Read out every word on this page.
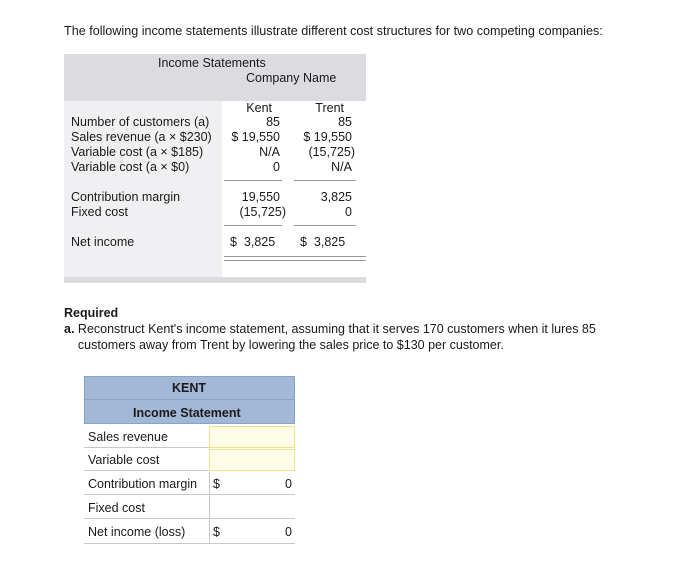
The following income statements illustrate different cost structures for two competing companies:
Income Statements
Company Name
Kent	Trent
Number of customers (a)	85	85
Sales revenue (a × $230)	$ 19,550	$ 19,550
Variable cost (a × $185)	N/A	(15,725)
Variable cost (a × $0)	0	N/A
Contribution margin	19,550	3,825
Fixed cost	(15,725)	0
Net income	$  3,825	$  3,825
Required
a. Reconstruct Kent's income statement, assuming that it serves 170 customers when it lures 85 customers away from Trent by lowering the sales price to $130 per customer.
KENT
Income Statement
Sales revenue
Variable cost
Contribution margin $	0
Fixed cost
Net income (loss) $	0
